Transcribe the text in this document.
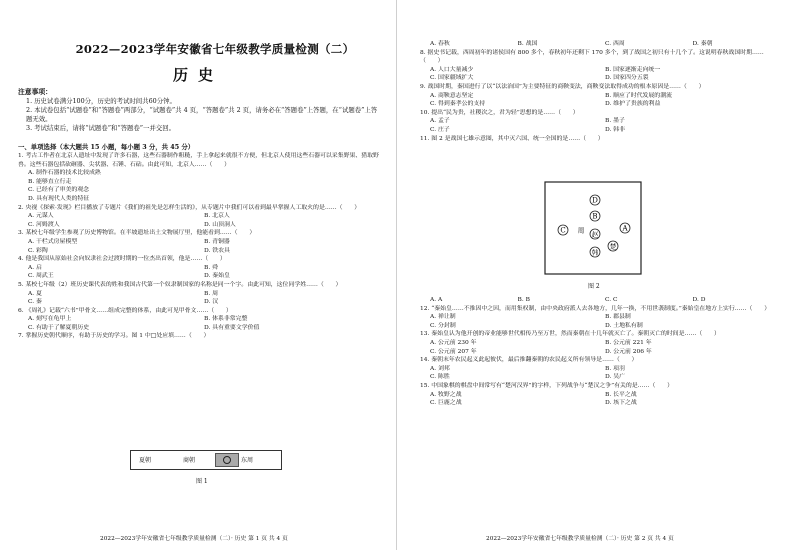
2022—2023学年安徽省七年级教学质量检测（二）
历史
注意事项：
1. 历史试卷满分100分，历史的考试时间共60分钟。
2. 本试卷包括“试题卷”和“答题卷”两部分，“试题卷”共 4 页，“答题卷”共 2 页，请务必在“答题卷”上答题，在“试题卷”上答题无效。
3. 考试结束后，请将“试题卷”和“答题卷”一并交回。
一、单项选择（本大题共 15 小题，每小题 3 分，共 45 分）
1. 考古工作者在北京人遗址中发现了许多石器，这些石器制作粗糙，手上拿起来就很不方便，但北京人使用这些石器可以采集野果、猎取野兽。这些石器包括砍砸器、尖状器、石锤、石砧。由此可知，北京人……（　　）
A. 制作石器的技术比较成熟
B. 能够直立行走
C. 已经有了审美的观念
D. 具有现代人类的特征
2. 央视《探索·发现》栏目播放了专题片《我们的祖先是怎样生活的》，从专题片中我们可以看到最早掌握人工取火的是……（　　）
A. 元谋人	B. 北京人
C. 河姆渡人	D. 山顶洞人
3. 某校七年级学生参观了历史博物馆。在半坡遗址出土文物展厅里，他能看到……（　　）
A. 干栏式房屋模型	B. 青铜器
C. 彩陶	D. 铁农具
4. 他是我国从原始社会向奴隶社会过渡时期的一位杰出首领，他是……（　　）
A. 启	B. 舜
C. 周武王	D. 秦始皇
5. 某校七年级（2）班历史课代表的姓和我国古代第一个奴隶制国家的名称是同一个字。由此可知，这位同学姓……（　　）
A. 夏	B. 周
C. 秦	D. 汉
6. 《周礼》记载“六书”甲骨文……组成完整的体系，由此可见甲骨文……（　　）
A. 刻写在龟甲上	B. 体系非常完整
C. 有助于了解夏朝历史	D. 具有重要文学价值
7. 掌握历史朝代顺序，有助于历史的学习。图 1 中□处应填……（　　）
夏朝	商朝	东周
图 1
2022—2023学年安徽省七年级教学质量检测（二）· 历史 第 1 页 共 4 页
A. 春秋	B. 战国	C. 西周	D. 秦朝
8. 据史书记载，西周初年的诸侯国有 800 多个，春秋初年还剩下 170 多个，到了战国之初只有十几个了。这说明春秋战国时期……（　　）
A. 人口大量减少	B. 国家逐渐走向统一
C. 国家疆域扩大	D. 国家四分五裂
9. 战国时期，秦国进行了以“以法治国”为主要特征的商鞅变法，商鞅变法取得成功的根本原因是……（　　）
A. 商鞅意志坚定	B. 顺应了时代发展的潮流
C. 得到秦孝公的支持	D. 维护了贵族的利益
10. 提出“民为贵，社稷次之，君为轻”思想的是……（　　）
A. 孟子	B. 墨子
C. 庄子	D. 韩非
11. 图 2 是战国七雄示意图，其中灭六国、统一全国的是……（　　）
D
B
C 周 赵
A
韩
楚
图 2
A. A	B. B	C. C	D. D
12. “秦始皇……不推因中之因，而用集权制，由中央政府派人去各地方，几年一换，不用世袭制度。”秦始皇在地方上实行……（　　）
A. 禅让制	B. 郡县制
C. 分封制	D. 土地私有制
13. 秦始皇认为他开创的帝业能够世代相传乃至万世，然而秦朝在十几年就灭亡了。秦朝灭亡的时间是……（　　）
A. 公元前 230 年	B. 公元前 221 年
C. 公元前 207 年	D. 公元前 206 年
14. 秦朝末年农民起义此起彼伏，最后推翻秦朝的农民起义所有领导是……（　　）
A. 刘邦	B. 项羽
C. 陈胜	D. 吴广
15. 中国象棋的棋盘中间常写有“楚河汉界”的字样，下列战争与“楚汉之争”有关的是……（　　）
A. 牧野之战	B. 长平之战
C. 巨鹿之战	D. 垓下之战
2022—2023学年安徽省七年级教学质量检测（二）· 历史 第 2 页 共 4 页
